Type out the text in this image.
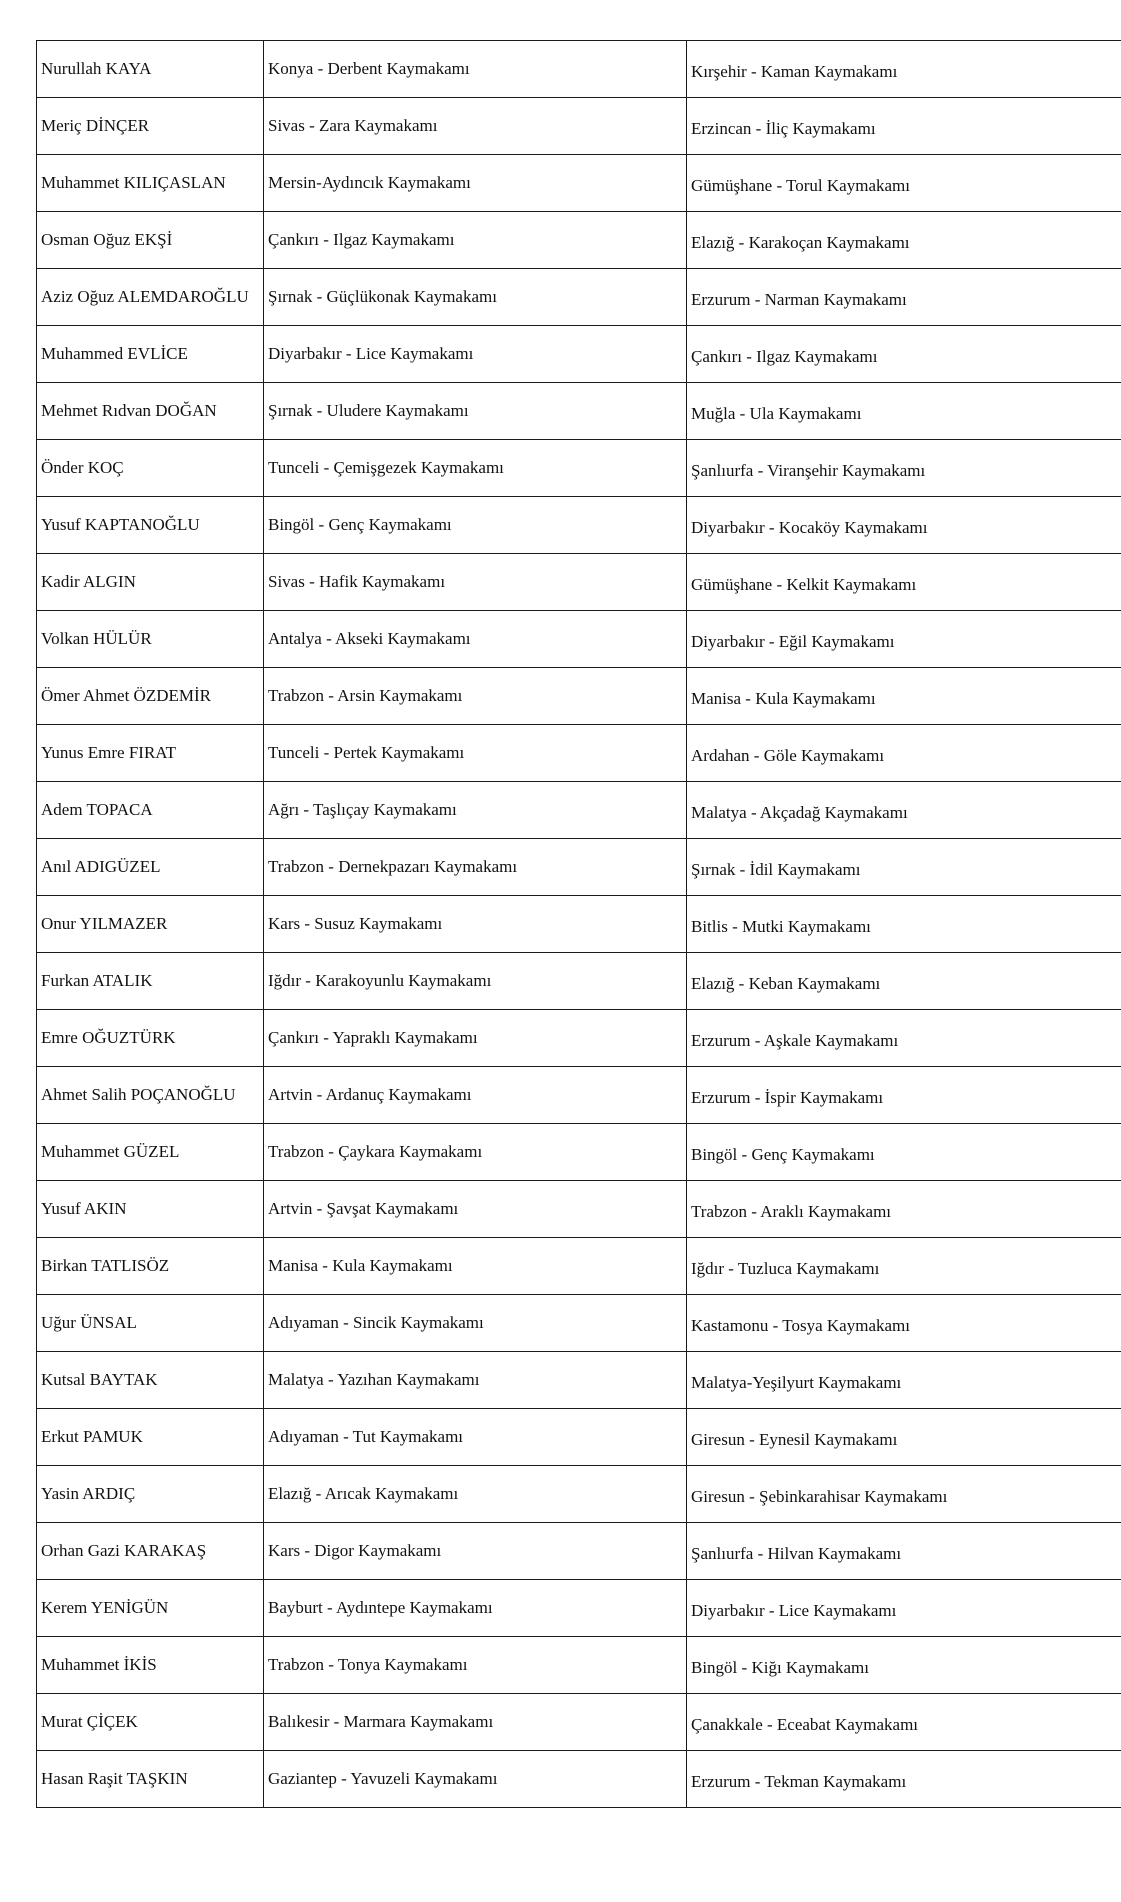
Nurullah KAYA	Konya - Derbent Kaymakamı	Kırşehir - Kaman Kaymakamı
Meriç DİNÇER	Sivas - Zara Kaymakamı	Erzincan - İliç Kaymakamı
Muhammet KILIÇASLAN	Mersin-Aydıncık Kaymakamı	Gümüşhane - Torul Kaymakamı
Osman Oğuz EKŞİ	Çankırı - Ilgaz Kaymakamı	Elazığ - Karakoçan Kaymakamı
Aziz Oğuz ALEMDAROĞLU	Şırnak - Güçlükonak Kaymakamı	Erzurum - Narman Kaymakamı
Muhammed EVLİCE	Diyarbakır - Lice Kaymakamı	Çankırı - Ilgaz Kaymakamı
Mehmet Rıdvan DOĞAN	Şırnak - Uludere Kaymakamı	Muğla - Ula Kaymakamı
Önder KOÇ	Tunceli - Çemişgezek Kaymakamı	Şanlıurfa - Viranşehir Kaymakamı
Yusuf KAPTANOĞLU	Bingöl - Genç Kaymakamı	Diyarbakır - Kocaköy Kaymakamı
Kadir ALGIN	Sivas - Hafik Kaymakamı	Gümüşhane - Kelkit Kaymakamı
Volkan HÜLÜR	Antalya - Akseki Kaymakamı	Diyarbakır - Eğil Kaymakamı
Ömer Ahmet ÖZDEMİR	Trabzon - Arsin Kaymakamı	Manisa - Kula Kaymakamı
Yunus Emre FIRAT	Tunceli - Pertek Kaymakamı	Ardahan - Göle Kaymakamı
Adem TOPACA	Ağrı - Taşlıçay Kaymakamı	Malatya - Akçadağ Kaymakamı
Anıl ADIGÜZEL	Trabzon - Dernekpazarı Kaymakamı	Şırnak - İdil Kaymakamı
Onur YILMAZER	Kars - Susuz Kaymakamı	Bitlis - Mutki Kaymakamı
Furkan ATALIK	Iğdır - Karakoyunlu Kaymakamı	Elazığ - Keban Kaymakamı
Emre OĞUZTÜRK	Çankırı - Yapraklı Kaymakamı	Erzurum - Aşkale Kaymakamı
Ahmet Salih POÇANOĞLU	Artvin - Ardanuç Kaymakamı	Erzurum - İspir Kaymakamı
Muhammet GÜZEL	Trabzon - Çaykara Kaymakamı	Bingöl - Genç Kaymakamı
Yusuf AKIN	Artvin - Şavşat Kaymakamı	Trabzon - Araklı Kaymakamı
Birkan TATLISÖZ	Manisa - Kula Kaymakamı	Iğdır - Tuzluca Kaymakamı
Uğur ÜNSAL	Adıyaman - Sincik Kaymakamı	Kastamonu - Tosya Kaymakamı
Kutsal BAYTAK	Malatya - Yazıhan Kaymakamı	Malatya-Yeşilyurt Kaymakamı
Erkut PAMUK	Adıyaman - Tut Kaymakamı	Giresun - Eynesil Kaymakamı
Yasin ARDIÇ	Elazığ - Arıcak Kaymakamı	Giresun - Şebinkarahisar Kaymakamı
Orhan Gazi KARAKAŞ	Kars - Digor Kaymakamı	Şanlıurfa - Hilvan Kaymakamı
Kerem YENİGÜN	Bayburt - Aydıntepe Kaymakamı	Diyarbakır - Lice Kaymakamı
Muhammet İKİS	Trabzon - Tonya Kaymakamı	Bingöl - Kiğı Kaymakamı
Murat ÇİÇEK	Balıkesir - Marmara Kaymakamı	Çanakkale - Eceabat Kaymakamı
Hasan Raşit TAŞKIN	Gaziantep - Yavuzeli Kaymakamı	Erzurum - Tekman Kaymakamı
